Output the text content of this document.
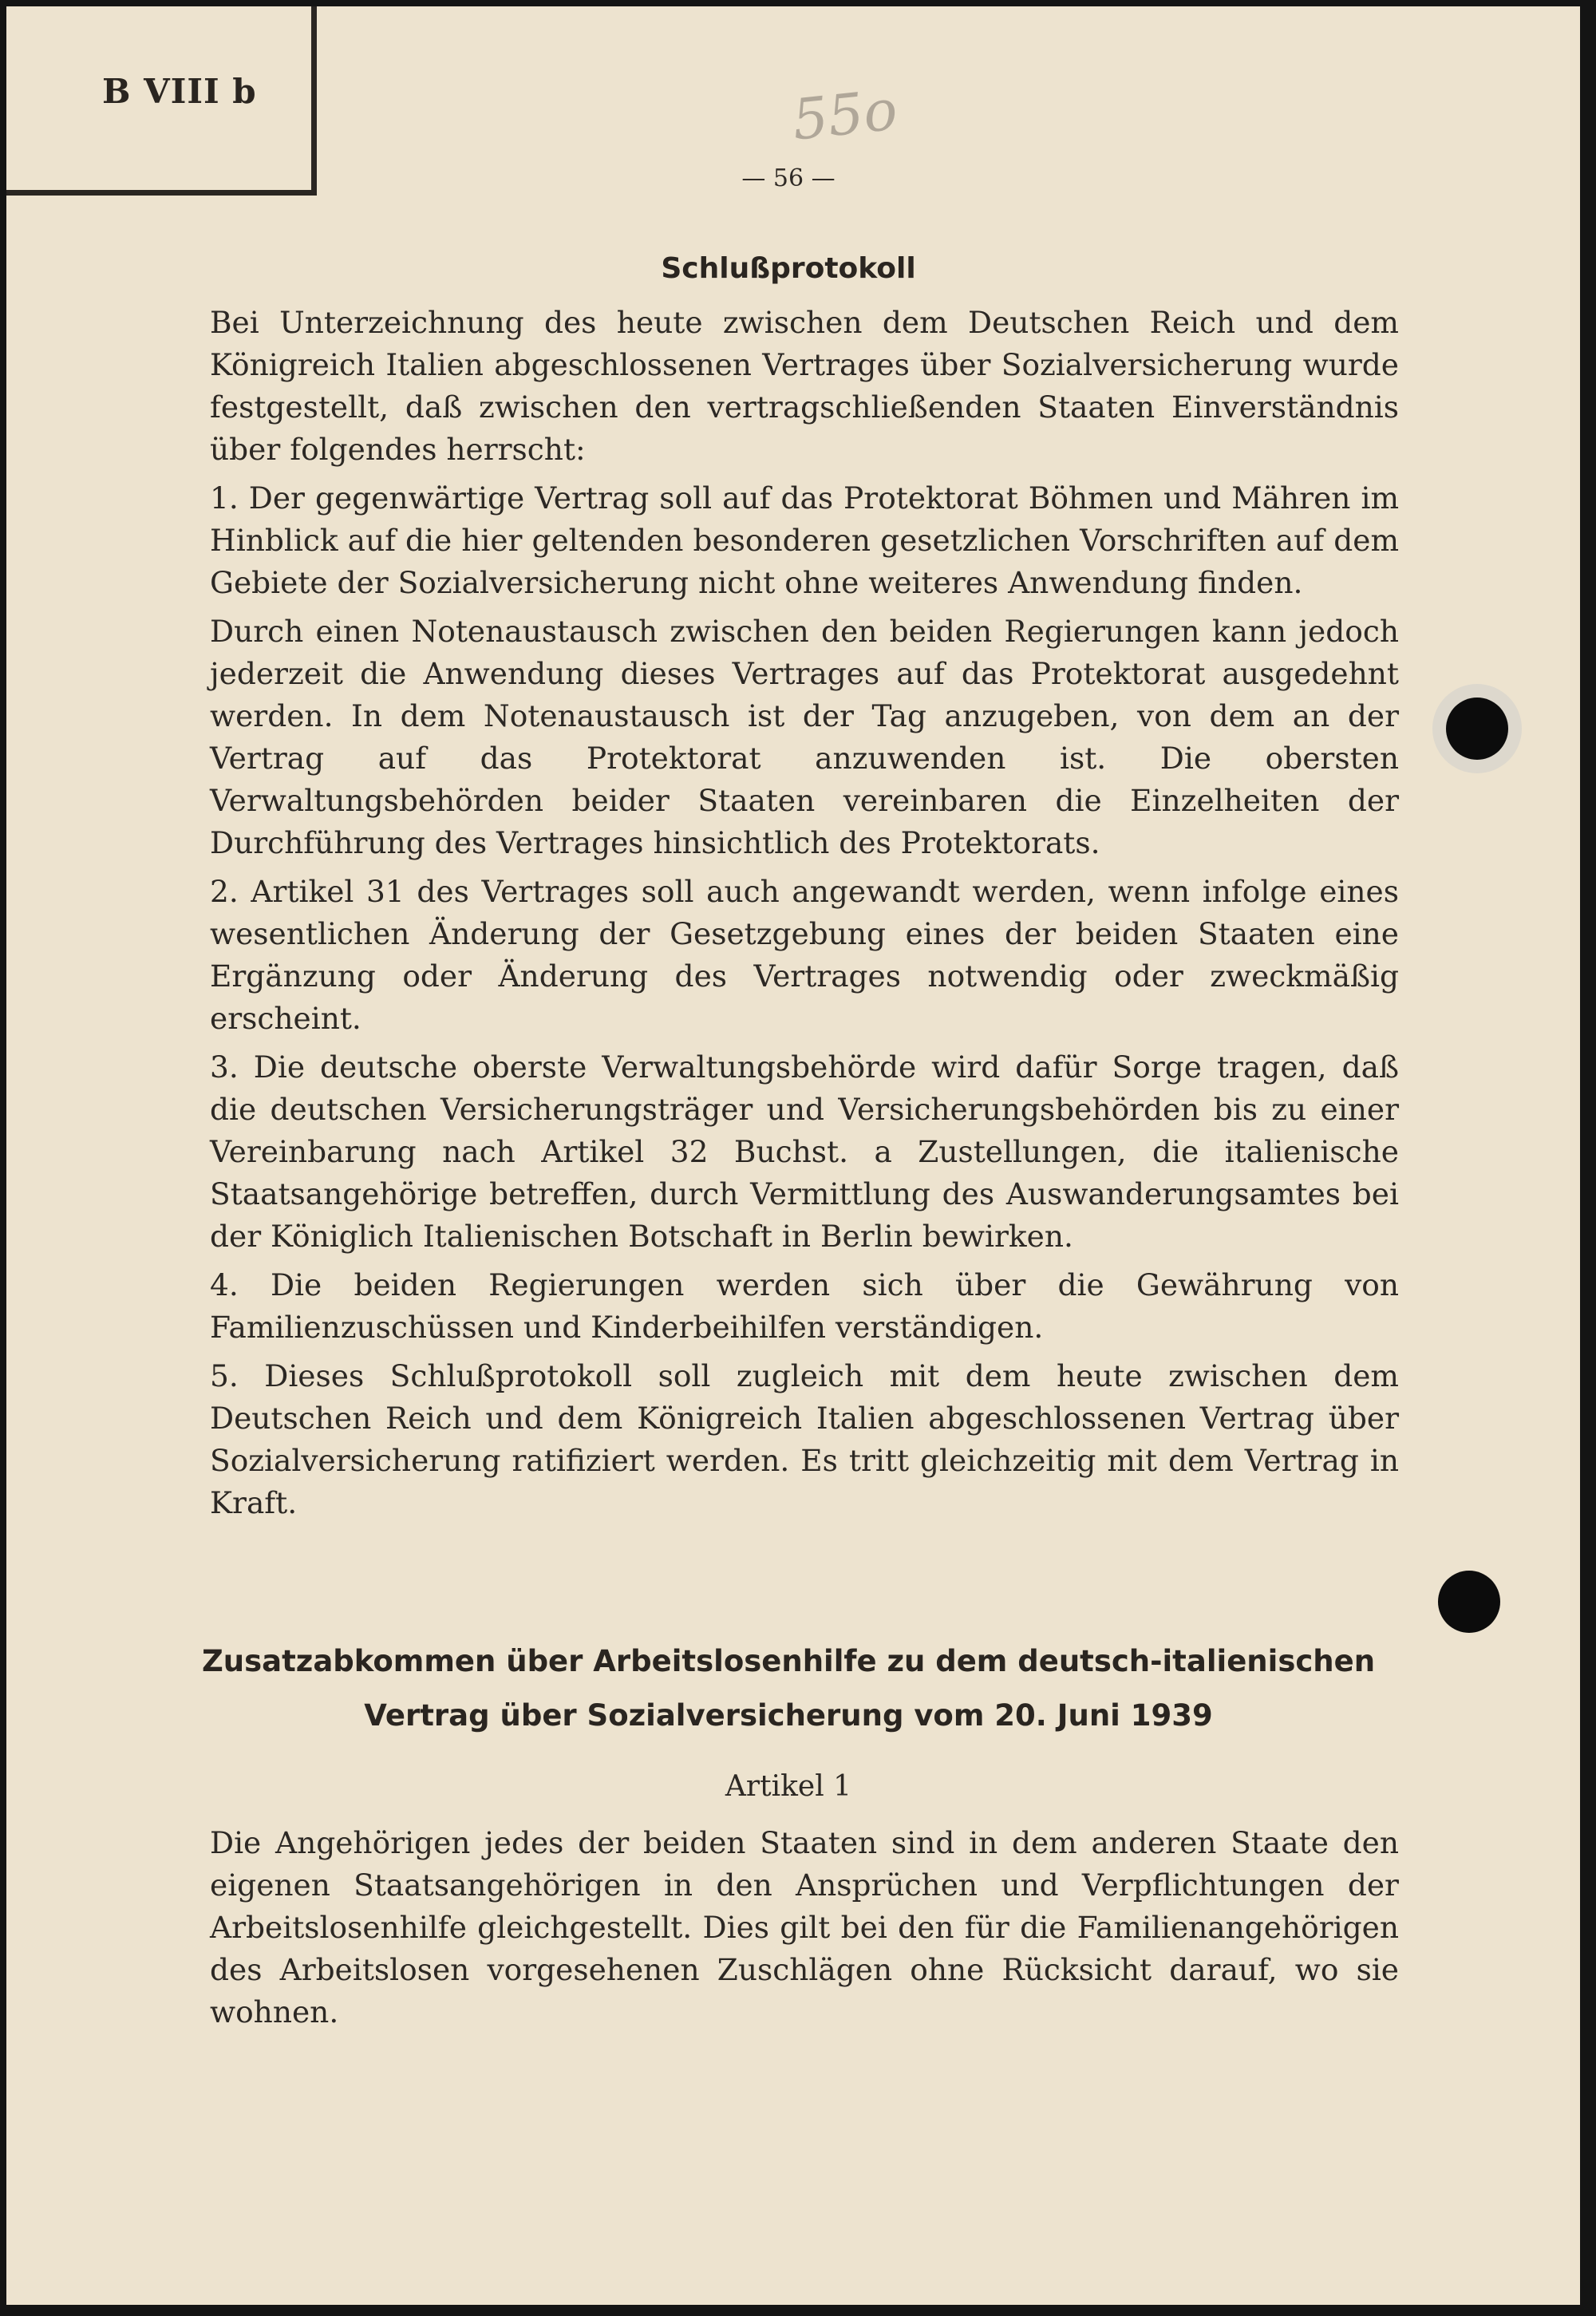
B VIII b	55o
— 56 —
Schlußprotokoll

Bei Unterzeichnung des heute zwischen dem Deutschen Reich und dem Königreich Italien abgeschlossenen Vertrages über Sozialversicherung wurde festgestellt, daß zwischen den vertragschließenden Staaten Einverständnis über folgendes herrscht:

1. Der gegenwärtige Vertrag soll auf das Protektorat Böhmen und Mähren im Hinblick auf die hier geltenden besonderen gesetzlichen Vorschriften auf dem Gebiete der Sozialversicherung nicht ohne weiteres Anwendung finden.

Durch einen Notenaustausch zwischen den beiden Regierungen kann jedoch jederzeit die Anwendung dieses Vertrages auf das Protektorat ausgedehnt werden. In dem Notenaustausch ist der Tag anzugeben, von dem an der Vertrag auf das Protektorat anzuwenden ist. Die obersten Verwaltungsbehörden beider Staaten vereinbaren die Einzelheiten der Durchführung des Vertrages hinsichtlich des Protektorats.

2. Artikel 31 des Vertrages soll auch angewandt werden, wenn infolge eines wesentlichen Änderung der Gesetzgebung eines der beiden Staaten eine Ergänzung oder Änderung des Vertrages notwendig oder zweckmäßig erscheint.

3. Die deutsche oberste Verwaltungsbehörde wird dafür Sorge tragen, daß die deutschen Versicherungsträger und Versicherungsbehörden bis zu einer Vereinbarung nach Artikel 32 Buchst. a Zustellungen, die italienische Staatsangehörige betreffen, durch Vermittlung des Auswanderungsamtes bei der Königlich Italienischen Botschaft in Berlin bewirken.

4. Die beiden Regierungen werden sich über die Gewährung von Familienzuschüssen und Kinderbeihilfen verständigen.

5. Dieses Schlußprotokoll soll zugleich mit dem heute zwischen dem Deutschen Reich und dem Königreich Italien abgeschlossenen Vertrag über Sozialversicherung ratifiziert werden. Es tritt gleichzeitig mit dem Vertrag in Kraft.

Zusatzabkommen über Arbeitslosenhilfe zu dem deutsch-italienischen
Vertrag über Sozialversicherung vom 20. Juni 1939
Artikel 1

Die Angehörigen jedes der beiden Staaten sind in dem anderen Staate den eigenen Staatsangehörigen in den Ansprüchen und Verpflichtungen der Arbeitslosenhilfe gleichgestellt. Dies gilt bei den für die Familienangehörigen des Arbeitslosen vorgesehenen Zuschlägen ohne Rücksicht darauf, wo sie wohnen.
